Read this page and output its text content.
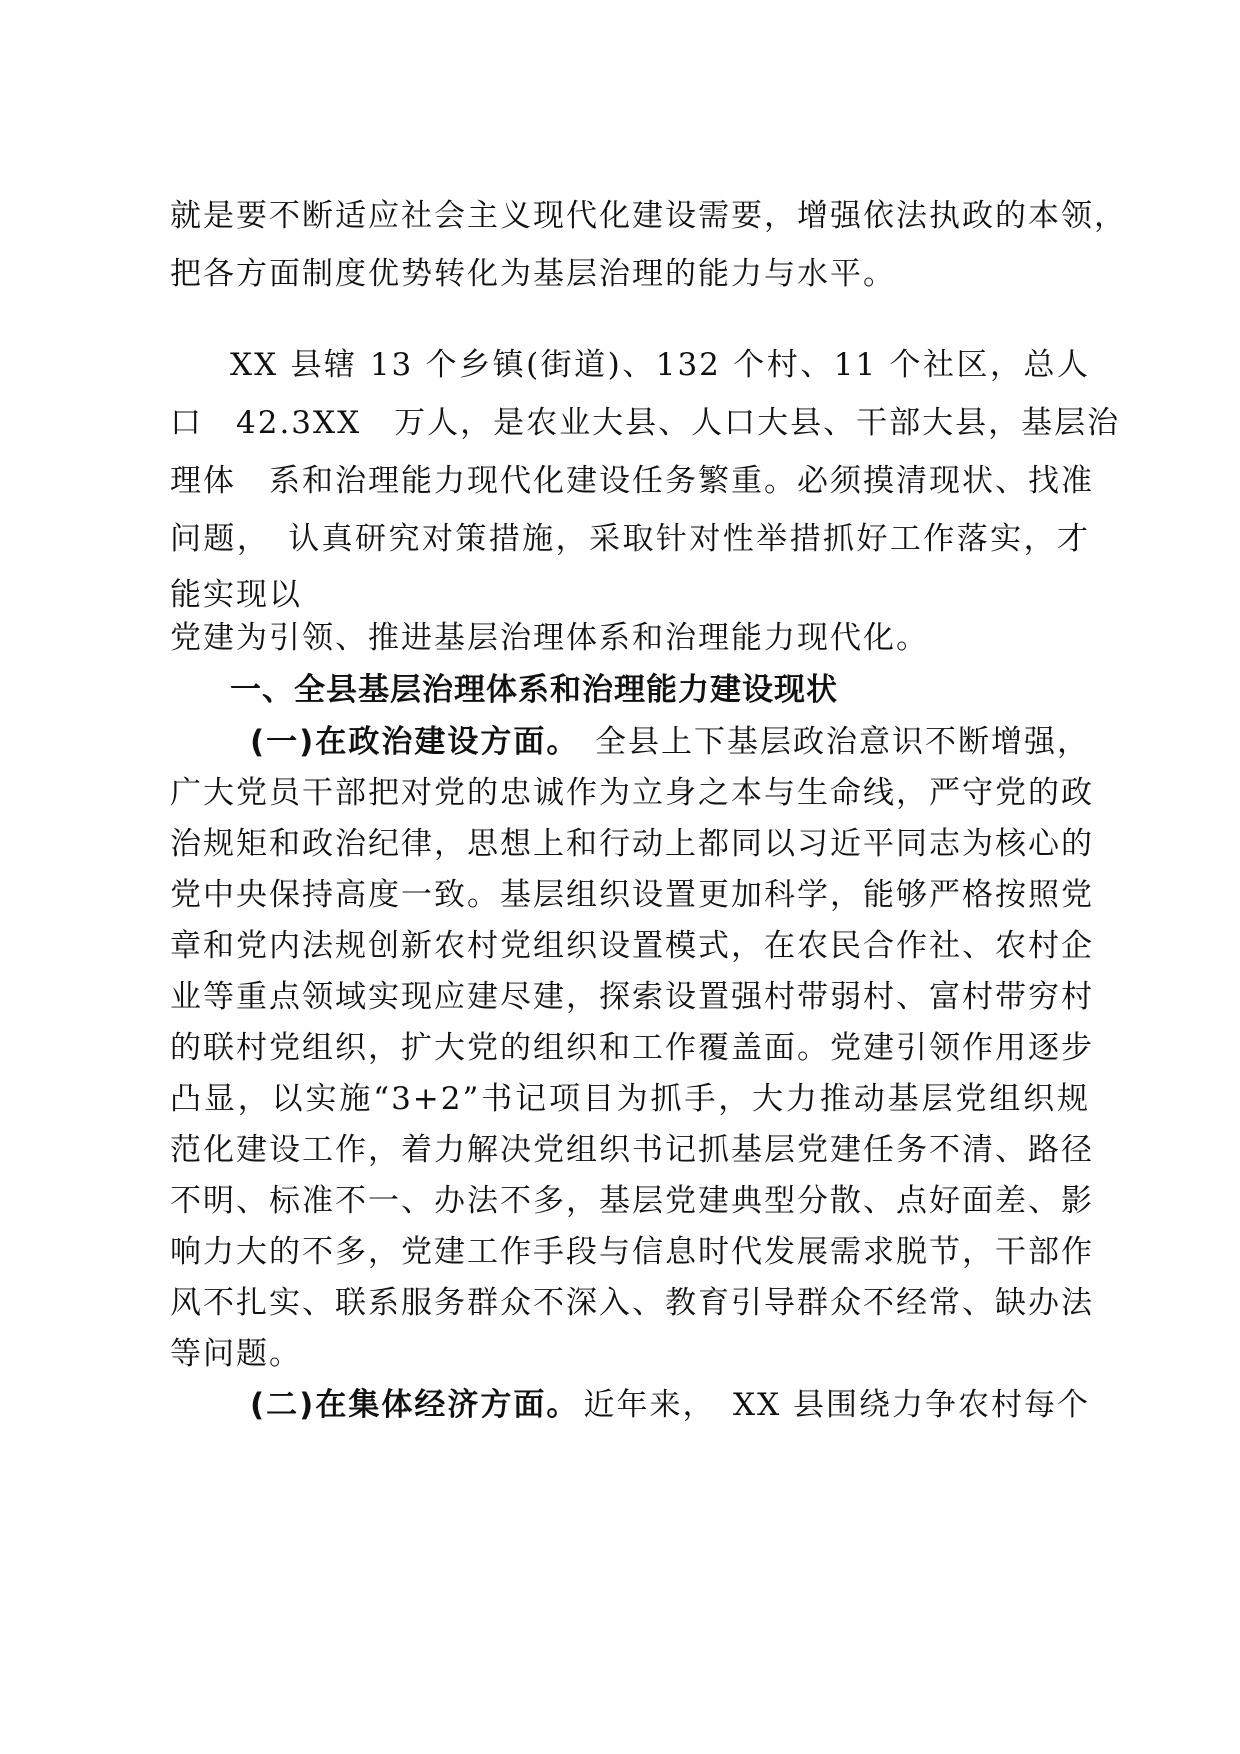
就是要不断适应社会主义现代化建设需要，增强依法执政的本领，
把各方面制度优势转化为基层治理的能力与水平。
XX 县辖 13 个乡镇(街道)、132 个村、11 个社区，总人
口　42.3XX　万人，是农业大县、人口大县、干部大县，基层治
理体　系和治理能力现代化建设任务繁重。必须摸清现状、找准
问题，　认真研究对策措施，采取针对性举措抓好工作落实，才
能实现以
党建为引领、推进基层治理体系和治理能力现代化。
一、全县基层治理体系和治理能力建设现状
(一)在政治建设方面。 全县上下基层政治意识不断增强，
广大党员干部把对党的忠诚作为立身之本与生命线，严守党的政
治规矩和政治纪律，思想上和行动上都同以习近平同志为核心的
党中央保持高度一致。基层组织设置更加科学，能够严格按照党
章和党内法规创新农村党组织设置模式，在农民合作社、农村企
业等重点领域实现应建尽建，探索设置强村带弱村、富村带穷村
的联村党组织，扩大党的组织和工作覆盖面。党建引领作用逐步
凸显，以实施“3+2”书记项目为抓手，大力推动基层党组织规
范化建设工作，着力解决党组织书记抓基层党建任务不清、路径
不明、标准不一、办法不多，基层党建典型分散、点好面差、影
响力大的不多，党建工作手段与信息时代发展需求脱节，干部作
风不扎实、联系服务群众不深入、教育引导群众不经常、缺办法
等问题。
(二)在集体经济方面。 近年来，　XX 县围绕力争农村每个
